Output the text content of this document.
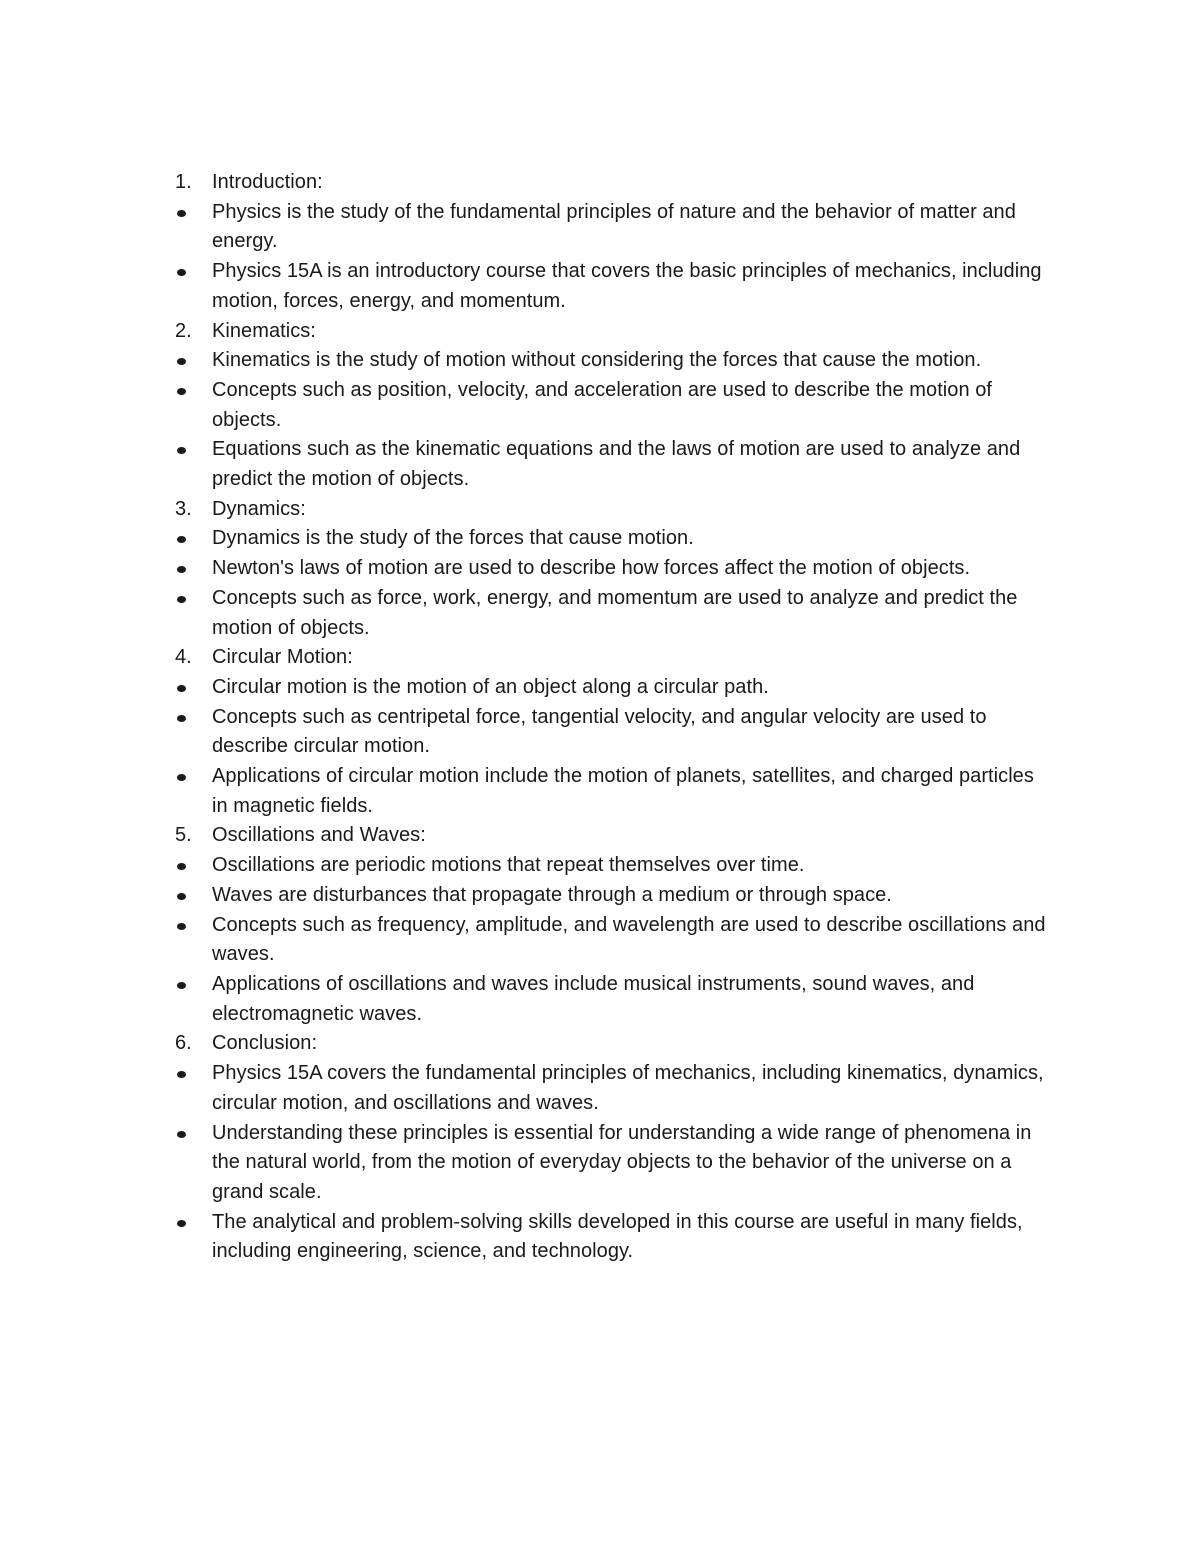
1.	Introduction:
Physics is the study of the fundamental principles of nature and the behavior of matter and energy.
Physics 15A is an introductory course that covers the basic principles of mechanics, including motion, forces, energy, and momentum.
2.	Kinematics:
Kinematics is the study of motion without considering the forces that cause the motion.
Concepts such as position, velocity, and acceleration are used to describe the motion of objects.
Equations such as the kinematic equations and the laws of motion are used to analyze and predict the motion of objects.
3.	Dynamics:
Dynamics is the study of the forces that cause motion.
Newton's laws of motion are used to describe how forces affect the motion of objects.
Concepts such as force, work, energy, and momentum are used to analyze and predict the motion of objects.
4.	Circular Motion:
Circular motion is the motion of an object along a circular path.
Concepts such as centripetal force, tangential velocity, and angular velocity are used to describe circular motion.
Applications of circular motion include the motion of planets, satellites, and charged particles in magnetic fields.
5.	Oscillations and Waves:
Oscillations are periodic motions that repeat themselves over time.
Waves are disturbances that propagate through a medium or through space.
Concepts such as frequency, amplitude, and wavelength are used to describe oscillations and waves.
Applications of oscillations and waves include musical instruments, sound waves, and electromagnetic waves.
6.	Conclusion:
Physics 15A covers the fundamental principles of mechanics, including kinematics, dynamics, circular motion, and oscillations and waves.
Understanding these principles is essential for understanding a wide range of phenomena in the natural world, from the motion of everyday objects to the behavior of the universe on a grand scale.
The analytical and problem-solving skills developed in this course are useful in many fields, including engineering, science, and technology.
